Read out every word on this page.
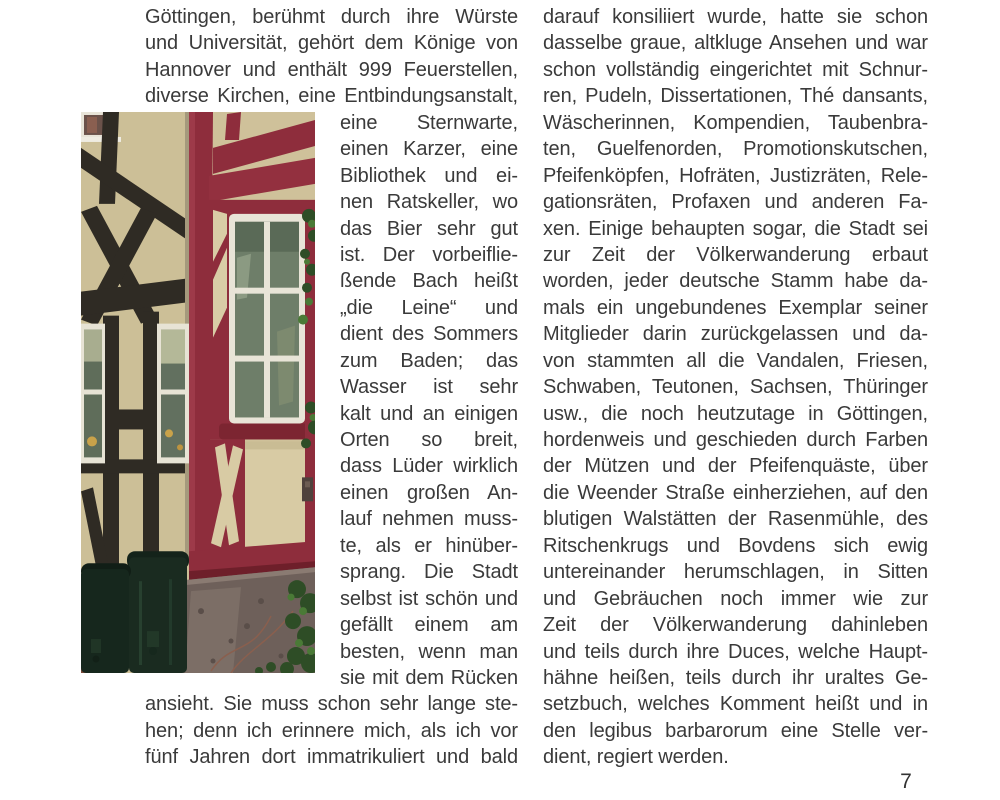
Göttingen, berühmt durch ihre Würste
und Universität, gehört dem Könige von
Hannover und enthält 999 Feuerstellen,
diverse Kirchen, eine Entbindungsanstalt,
eine Sternwarte,
einen Karzer, eine
Bibliothek und ei-
nen Ratskeller, wo
das Bier sehr gut
ist. Der vorbeiflie-
ßende Bach heißt
„die Leine“ und
dient des Sommers
zum Baden; das
Wasser ist sehr
kalt und an einigen
Orten so breit,
dass Lüder wirklich
einen großen An-
lauf nehmen muss-
te, als er hinüber-
sprang. Die Stadt
selbst ist schön und
gefällt einem am
besten, wenn man
sie mit dem Rücken
ansieht. Sie muss schon sehr lange ste-
hen; denn ich erinnere mich, als ich vor
fünf Jahren dort immatrikuliert und bald
darauf konsiliiert wurde, hatte sie schon
dasselbe graue, altkluge Ansehen und war
schon vollständig eingerichtet mit Schnur-
ren, Pudeln, Dissertationen, Thé dansants,
Wäscherinnen, Kompendien, Taubenbra-
ten, Guelfenorden, Promotionskutschen,
Pfeifenköpfen, Hofräten, Justizräten, Rele-
gationsräten, Profaxen und anderen Fa-
xen. Einige behaupten sogar, die Stadt sei
zur Zeit der Völkerwanderung erbaut
worden, jeder deutsche Stamm habe da-
mals ein ungebundenes Exemplar seiner
Mitglieder darin zurückgelassen und da-
von stammten all die Vandalen, Friesen,
Schwaben, Teutonen, Sachsen, Thüringer
usw., die noch heutzutage in Göttingen,
hordenweis und geschieden durch Farben
der Mützen und der Pfeifenquäste, über
die Weender Straße einherziehen, auf den
blutigen Walstätten der Rasenmühle, des
Ritschenkrugs und Bovdens sich ewig
untereinander herumschlagen, in Sitten
und Gebräuchen noch immer wie zur
Zeit der Völkerwanderung dahinleben
und teils durch ihre Duces, welche Haupt-
hähne heißen, teils durch ihr uraltes Ge-
setzbuch, welches Komment heißt und in
den legibus barbarorum eine Stelle ver-
dient, regiert werden.
7
